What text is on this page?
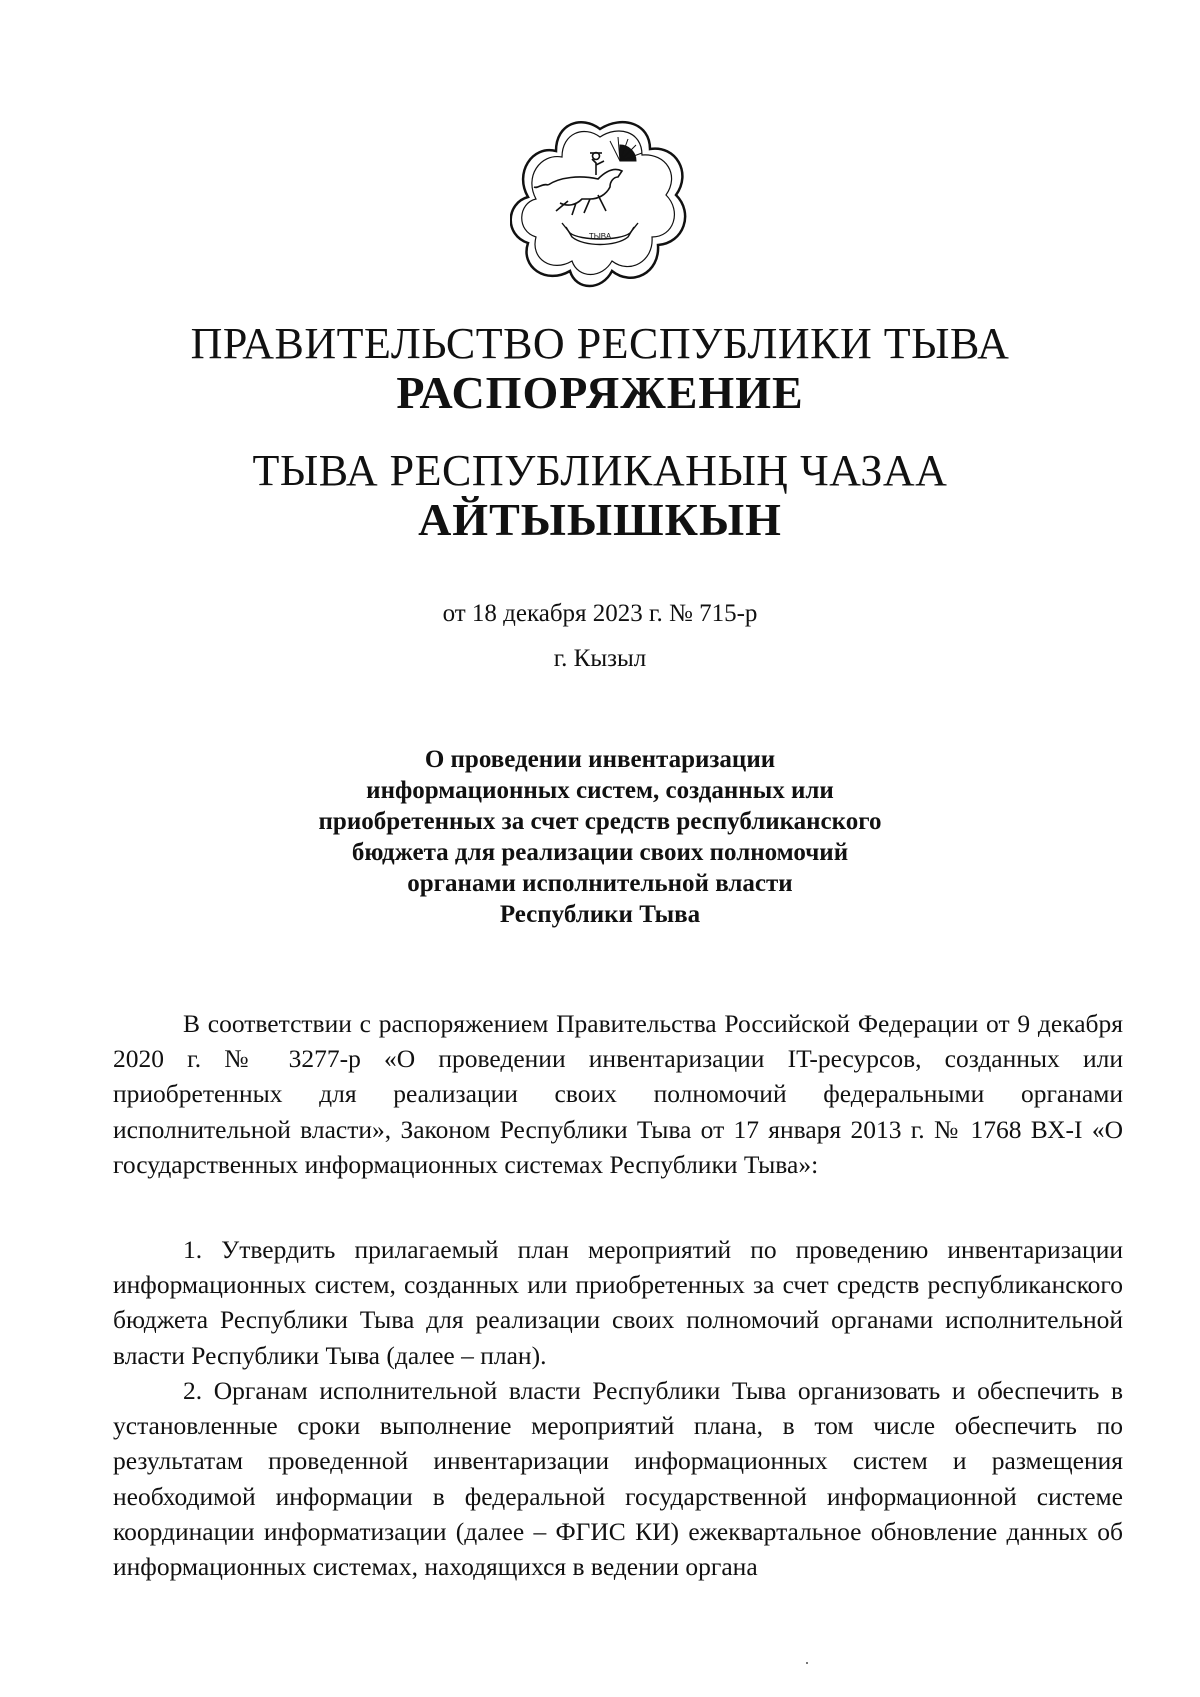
ТЫВА
ПРАВИТЕЛЬСТВО РЕСПУБЛИКИ ТЫВА
РАСПОРЯЖЕНИЕ
ТЫВА РЕСПУБЛИКАНЫҢ ЧАЗАА
АЙТЫЫШКЫН
от 18 декабря 2023 г. № 715-р
г. Кызыл
О проведении инвентаризации
информационных систем, созданных или
приобретенных за счет средств республиканского
бюджета для реализации своих полномочий
органами исполнительной власти
Республики Тыва

В соответствии с распоряжением Правительства Российской Федерации от 9 декабря 2020 г. № 3277-р «О проведении инвентаризации IT-ресурсов, созданных или приобретенных для реализации своих полномочий федеральными органами исполнительной власти», Законом Республики Тыва от 17 января 2013 г. № 1768 ВХ-I «О государственных информационных системах Республики Тыва»:

1. Утвердить прилагаемый план мероприятий по проведению инвентаризации информационных систем, созданных или приобретенных за счет средств республиканского бюджета Республики Тыва для реализации своих полномочий органами исполнительной власти Республики Тыва (далее – план).

2. Органам исполнительной власти Республики Тыва организовать и обеспечить в установленные сроки выполнение мероприятий плана, в том числе обеспечить по результатам проведенной инвентаризации информационных систем и размещения необходимой информации в федеральной государственной информационной системе координации информатизации (далее – ФГИС КИ) ежеквартальное обновление данных об информационных системах, находящихся в ведении органа
